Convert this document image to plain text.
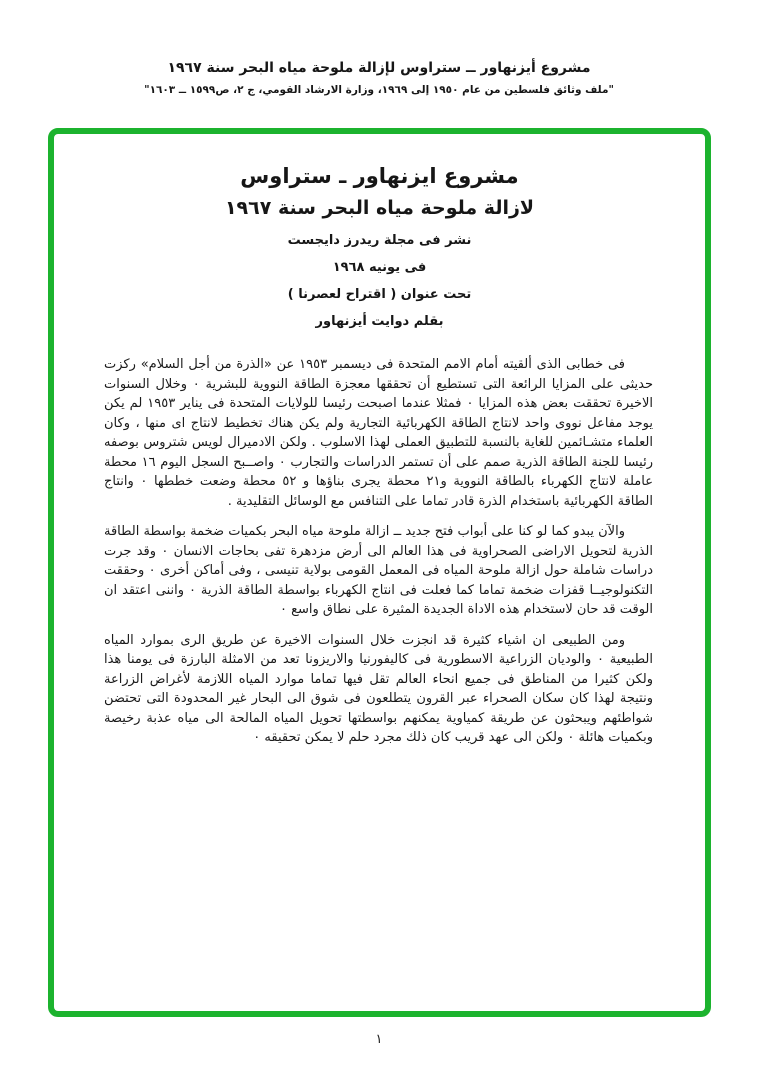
مشروع أيزنهاور ــ ستراوس لإزالة ملوحة مياه البحر سنة ١٩٦٧
"ملف وثائق فلسطين من عام ١٩٥٠ إلى ١٩٦٩، وزارة الارشاد القومي، ج ٢، ص١٥٩٩ ــ ١٦٠٣"
مشروع ايزنهاور ـ ستراوس
لازالة ملوحة مياه البحر سنة ١٩٦٧
نشر فى مجلة ريدرز دايجست
فى يونيه ١٩٦٨
تحت عنوان ( اقتراح لعصرنا )
بقلم دوايت أيزنهاور

فى خطابى الذى ألقيته أمام الامم المتحدة فى ديسمبر ١٩٥٣ عن «الذرة من أجل السلام» ركزت حديثى على المزايا الرائعة التى تستطيع أن تحققها معجزة الطاقة النووية للبشرية ٠ وخلال السنوات الاخيرة تحققت بعض هذه المزايا ٠ فمثلا عندما اصبحت رئيسا للولايات المتحدة فى يناير ١٩٥٣ لم يكن يوجد مفاعل نووى واحد لانتاج الطاقة الكهربائية التجارية ولم يكن هناك تخطيط لانتاج اى منها ، وكان العلماء متشـائمين للغاية بالنسبة للتطبيق العملى لهذا الاسلوب . ولكن الادميرال لويس شتروس بوصفه رئيسا للجنة الطاقة الذرية صمم على أن تستمر الدراسات والتجارب ٠ واصــبح السجل اليوم ١٦ محطة عاملة لانتاج الكهرباء بالطاقة النووية و٢١ محطة يجرى بناؤها و ٥٢ محطة وضعت خططها ٠ وانتاج الطاقة الكهربائية باستخدام الذرة قادر تماما على التنافس مع الوسائل التقليدية .

والآن يبدو كما لو كنا على أبواب فتح جديد ــ ازالة ملوحة مياه البحر بكميات ضخمة بواسطة الطاقة الذرية لتحويل الاراضى الصحراوية فى هذا العالم الى أرض مزدهرة تفى بحاجات الانسان ٠ وقد جرت دراسات شاملة حول ازالة ملوحة المياه فى المعمل القومى بولاية تنيسى ، وفى أماكن أخرى ٠ وحققت التكنولوجيــا قفزات ضخمة تماما كما فعلت فى انتاج الكهرباء بواسطة الطاقة الذرية ٠ واننى اعتقد ان الوقت قد حان لاستخدام هذه الاداة الجديدة المثيرة على نطاق واسع ٠

ومن الطبيعى ان اشياء كثيرة قد انجزت خلال السنوات الاخيرة عن طريق الرى بموارد المياه الطبيعية ٠ والوديان الزراعية الاسطورية فى كاليفورنيا والاريزونا تعد من الامثلة البارزة فى يومنا هذا ولكن كثيرا من المناطق فى جميع انحاء العالم تقل فيها تماما موارد المياه اللازمة لأغراض الزراعة ونتيجة لهذا كان سكان الصحراء عبر القرون يتطلعون فى شوق الى البحار غير المحدودة التى تحتضن شواطئهم ويبحثون عن طريقة كمياوية يمكنهم بواسطتها تحويل المياه المالحة الى مياه عذبة رخيصة وبكميات هائلة ٠ ولكن الى عهد قريب كان ذلك مجرد حلم لا يمكن تحقيقه ٠

١
